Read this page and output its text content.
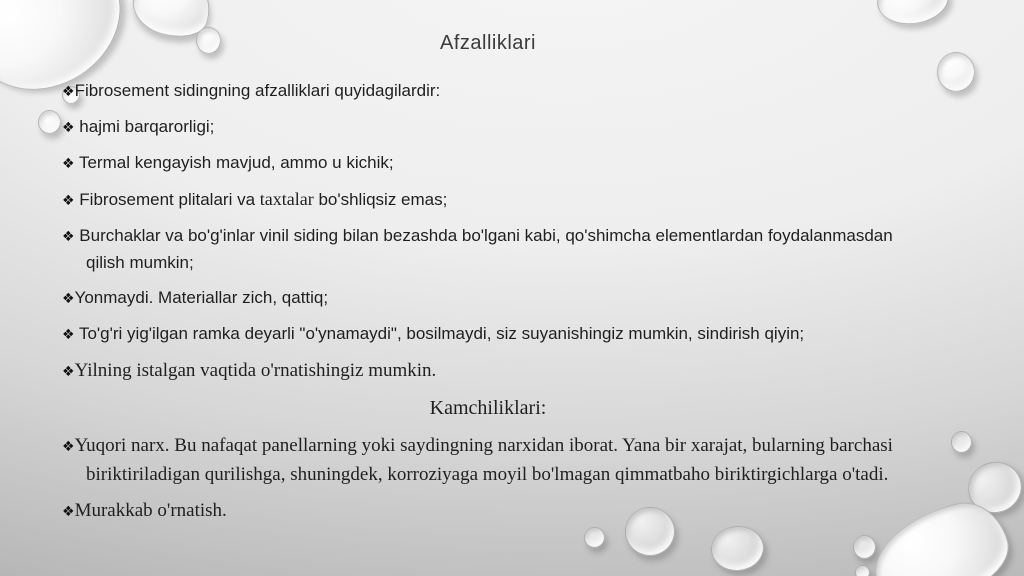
Afzalliklari
❖Fibrosement sidingning afzalliklari quyidagilardir:
❖ hajmi barqarorligi;
❖ Termal kengayish mavjud, ammo u kichik;
❖ Fibrosement plitalari va taxtalar bo'shliqsiz emas;
❖ Burchaklar va bo'g'inlar vinil siding bilan bezashda bo'lgani kabi, qo'shimcha elementlardan foydalanmasdan qilish mumkin;
❖Yonmaydi. Materiallar zich, qattiq;
❖ To'g'ri yig'ilgan ramka deyarli "o'ynamaydi", bosilmaydi, siz suyanishingiz mumkin, sindirish qiyin;
❖Yilning istalgan vaqtida o'rnatishingiz mumkin.
Kamchiliklari:
❖Yuqori narx. Bu nafaqat panellarning yoki saydingning narxidan iborat. Yana bir xarajat, bularning barchasi biriktiriladigan qurilishga, shuningdek, korroziyaga moyil bo'lmagan qimmatbaho biriktirgichlarga o'tadi.
❖Murakkab o'rnatish.
